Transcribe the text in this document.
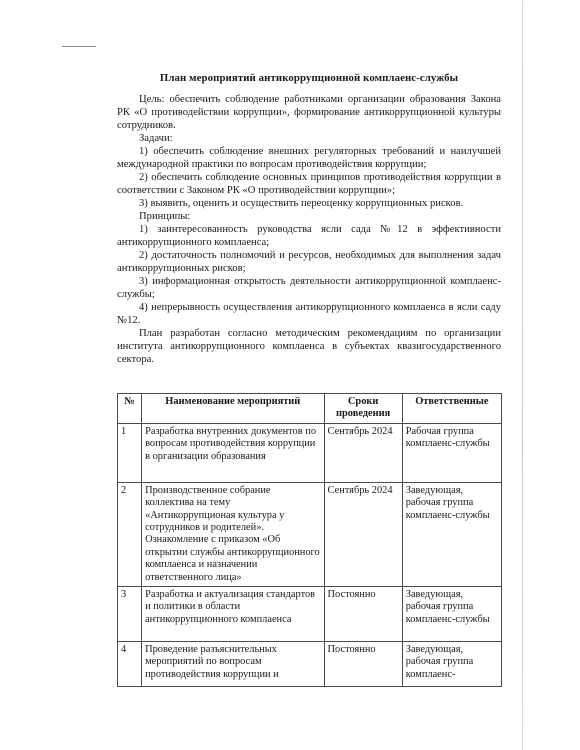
План мероприятий антикоррупционной комплаенс-службы

Цель: обеспечить соблюдение работниками организации образования Закона РК «О противодействии коррупции», формирование антикоррупционной культуры сотрудников.

Задачи:

1) обеспечить соблюдение внешних регуляторных требований и наилучшей международной практики по вопросам противодействия коррупции;

2) обеспечить соблюдение основных принципов противодействия коррупции в соответствии с Законом РК «О противодействии коррупции»;

3) выявить, оценить и осуществить переоценку коррупционных рисков.

Принципы:

1) заинтересованность руководства ясли сада №12 в эффективности антикоррупционного комплаенса;

2) достаточность полномочий и ресурсов, необходимых для выполнения задач антикоррупционных рисков;

3) информационная открытость деятельности антикоррупционной комплаенс-службы;

4) непрерывность осуществления антикоррупционного комплаенса в ясли саду №12.

План разработан согласно методическим рекомендациям по организации института антикоррупционного комплаенса в субъектах квазигосударственного сектора.

№	Наименование мероприятий	Сроки проведения	Ответственные
1	Разработка внутренних документов по вопросам противодействия коррупции в организации образования	Сентябрь 2024	Рабочая группа комплаенс-службы
2	Производственное собрание коллектива на тему «Антикоррупционая культура у сотрудников и родителей». Ознакомление с приказом «Об открытии службы антикоррупционного комплаенса и назначении ответственного лица»	Сентябрь 2024	Заведующая, рабочая группа комплаенс-службы
3	Разработка и актуализация стандартов и политики в области антикоррупционного комплаенса	Постоянно	Заведующая, рабочая группа комплаенс-службы
4	Проведение разъяснительных мероприятий по вопросам противодействия коррупции и	Постоянно	Заведующая, рабочая группа комплаенс-
